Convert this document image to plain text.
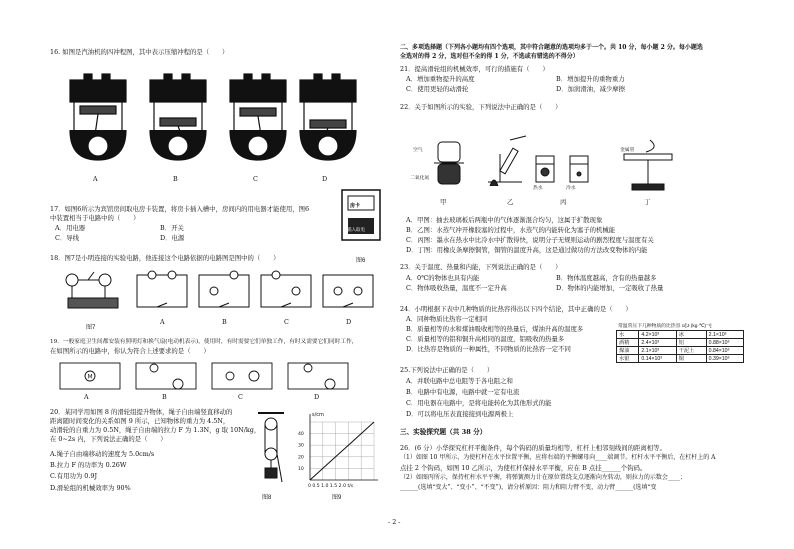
16. 如图是汽油机的四冲程图，其中表示压缩冲程的是（　　）
A	B	C	D
17．如图6所示为宾馆房间取电房卡装置，将房卡插入槽中，房间内的用电器才能使用，图6
中装置相当于电路中的（　　）
A．用电器	B．开关
C．导线	D．电源
房卡
插入取电
图6
18．图7是小明连接的实验电路，他连接这个电路依据的电路图是图中的（　　）
图7
A	B	C	D
19．一般家庭卫生间都安装有照明灯和换气扇(电动机表示)，使用时，有时需要它们单独工作，有时又需要它们同时工作，
在如图所示的电路中，你认为符合上述要求的是（　　）
M
A	B	C	D
20．某同学用如图 8 的滑轮组提升物体，绳子自由端竖直移动的
距离随时间变化的关系如图 9 所示，已知物体的重力为 4.5N，
动滑轮的自重力为 0.5N，绳子自由端的拉力 F 为 1.3N，g 取 10N/kg，
在 0~2s 内，下列说法正确的是（　　）
A.绳子自由端移动的速度为 5.0cm/s
B.拉力 F 的功率为 0.26W
C.有用功为 0.9J
D.滑轮组的机械效率为 90%
图8
s/cm
0 0.5 1.0 1.5 2.0 t/s
40
30
20
10
图9
二、多项选择题（下列各小题均有四个选项，其中符合题意的选项均多于一个。共 10 分，每小题 2 分。每小题选
全选对的得 2 分，选对但不全的得 1 分，不选或有错选的不得分）
21．提高滑轮组的机械效率，可行的措施有（　　）
A．增加重物提升的高度	B．增加提升的重物重力
C．使用更轻的动滑轮	D．加润滑油，减少摩擦
22．关于如图所示的实验，下列说法中正确的是（　　）
空气
二氧化氮
热水	冷水
金属管
甲	乙	丙	丁
A．甲图：抽去玻璃板后两瓶中的气体逐渐混合均匀，这属于扩散现象
B．乙图：水蒸气冲开橡胶塞的过程中，水蒸气的内能转化为塞子的机械能
C．丙图：墨水在热水中比冷水中扩散得快，说明分子无规则运动的剧烈程度与温度有关
D．丁图：用橡皮条摩擦铜管，铜管的温度升高，这是通过做功的方法改变物体的内能
23．关于温度、热量和内能，下列说法正确的是（　　）
A．0℃的物体也具有内能	B．物体温度越高，含有的热量越多
C．物体吸收热量，温度不一定升高	D．物体的内能增加，一定吸收了热量
24．小明根据下表中几种物质的比热容得出以下四个结论，其中正确的是（　　）
A．同种物质比热容一定相同
B．质量相等的水和煤油吸收相等的热量后，煤油升高的温度多
C．质量相等的铝和铜升高相同的温度，铝吸收的热量多
D．比热容是物质的一种属性，不同物质的比热容一定不同
常温常压下几种物质的比热容 c/[J·(kg·℃)⁻¹]
水	4.2×10³	冰	2.1×10³
酒精	2.4×10³	铝	0.88×10³
煤油	2.1×10³	干泥土	0.84×10³
水银	0.14×10³	铜	0.39×10³
25.下列说法中正确的是（　　）
A．并联电路中总电阻等于各电阻之和
B．电路中有电源，电路中就一定有电流
C．用电器在电路中，是将电能转化为其他形式的能
D．可以将电压表直接接到电源两极上
三、实验探究题（共 38 分）
26．(6 分）小华探究杠杆平衡条件，每个钩码的质量均相等，杠杆上相邻刻线间的距离相等。
（1）如图 10 甲所示，为使杠杆在水平位置平衡，应将右端的平衡螺母向____端调节。杠杆水平平衡后，在杠杆上的 A
点挂 2 个钩码，如图 10 乙所示，为使杠杆保持水平平衡，应在 B 点挂______个钩码。
（2）如图丙所示，保持杠杆水平平衡，将弹簧测力计在原位置绕支点逐渐向左转动，则拉力的示数会____；
______(选填“变大”、“变小”、“不变”)，请分析原因：阻力和阻力臂不变，动力臂______(选填“变
- 2 -
